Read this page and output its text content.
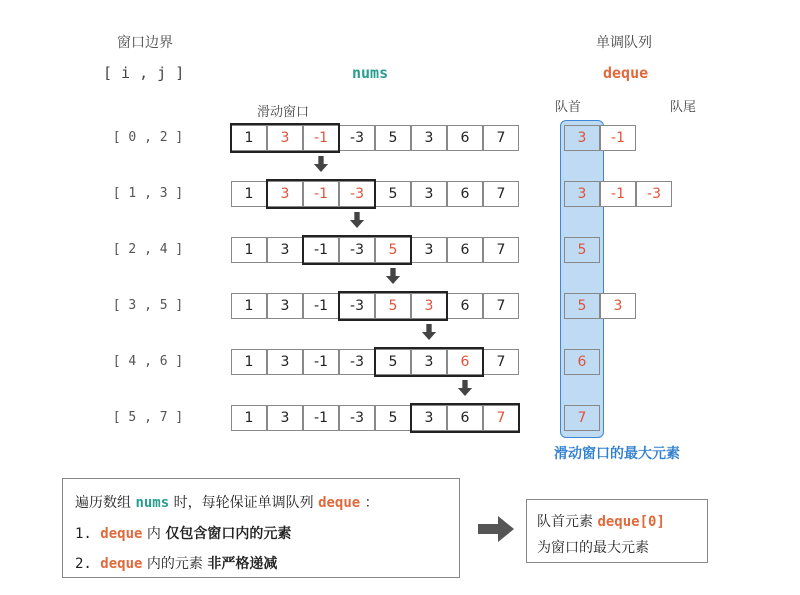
窗口边界
[ i , j ]	nums
单调队列
deque
滑动窗口	队首	队尾
[ 0 , 2 ]	1	3	-1	-3	5	3	6	7	3	-1
[ 1 , 3 ]	1	3	-1	-3	5	3	6	7	3	-1	-3
[ 2 , 4 ]	1	3	-1	-3	5	3	6	7	5
[ 3 , 5 ]	1	3	-1	-3	5	3	6	7	5	3
[ 4 , 6 ]	1	3	-1	-3	5	3	6	7	6
[ 5 , 7 ]	1	3	-1	-3	5	3	6	7	7
滑动窗口的最大元素
遍历数组 nums 时，每轮保证单调队列 deque ：
1. deque 内 仅包含窗口内的元素
2. deque 内的元素 非严格递减
队首元素 deque[0]
为窗口的最大元素
